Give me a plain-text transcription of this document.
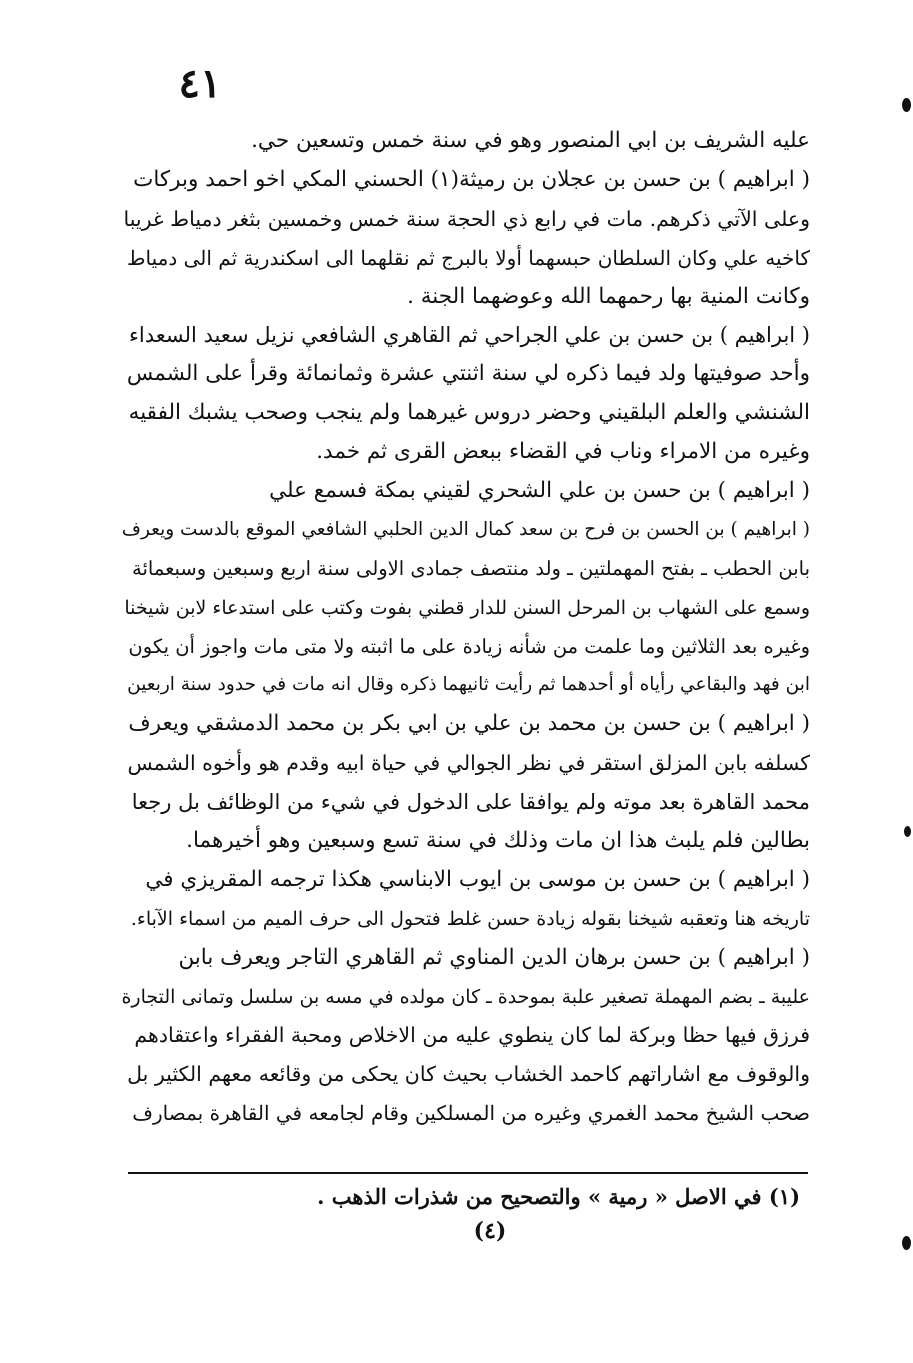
٤١
عليه الشريف بن ابي المنصور وهو في سنة خمس وتسعين حي.
( ابراهيم ) بن حسن بن عجلان بن رميثة(١) الحسني المكي اخو احمد وبركات
وعلى الآتي ذكرهم. مات في رابع ذي الحجة سنة خمس وخمسين بثغر دمياط غريبا
كاخيه علي وكان السلطان حبسهما أولا بالبرج ثم نقلهما الى اسكندرية ثم الى دمياط
وكانت المنية بها رحمهما الله وعوضهما الجنة .
( ابراهيم ) بن حسن بن علي الجراحي ثم القاهري الشافعي نزيل سعيد السعداء
وأحد صوفيتها ولد فيما ذكره لي سنة اثنتي عشرة وثمانمائة وقرأ على الشمس
الشنشي والعلم البلقيني وحضر دروس غيرهما ولم ينجب وصحب يشبك الفقيه
وغيره من الامراء وناب في القضاء ببعض القرى ثم خمد.
( ابراهيم ) بن حسن بن علي الشحري لقيني بمكة فسمع علي
( ابراهيم ) بن الحسن بن فرح بن سعد كمال الدين الحلبي الشافعي الموقع بالدست ويعرف
بابن الحطب ـ بفتح المهملتين ـ ولد منتصف جمادى الاولى سنة اربع وسبعين وسبعمائة
وسمع على الشهاب بن المرحل السنن للدار قطني بفوت وكتب على استدعاء لابن شيخنا
وغيره بعد الثلاثين وما علمت من شأنه زيادة على ما اثبته ولا متى مات واجوز أن يكون
ابن فهد والبقاعي رأياه أو أحدهما ثم رأيت ثانيهما ذكره وقال انه مات في حدود سنة اربعين
( ابراهيم ) بن حسن بن محمد بن علي بن ابي بكر بن محمد الدمشقي ويعرف
كسلفه بابن المزلق استقر في نظر الجوالي في حياة ابيه وقدم هو وأخوه الشمس
محمد القاهرة بعد موته ولم يوافقا على الدخول في شيء من الوظائف بل رجعا
بطالين فلم يلبث هذا ان مات وذلك في سنة تسع وسبعين وهو أخيرهما.
( ابراهيم ) بن حسن بن موسى بن ايوب الابناسي هكذا ترجمه المقريزي في
تاريخه هنا وتعقبه شيخنا بقوله زيادة حسن غلط فتحول الى حرف الميم من اسماء الآباء.
( ابراهيم ) بن حسن برهان الدين المناوي ثم القاهري التاجر ويعرف بابن
عليبة ـ بضم المهملة تصغير علبة بموحدة ـ كان مولده في مسه بن سلسل وتمانى التجارة
فرزق فيها حظا وبركة لما كان ينطوي عليه من الاخلاص ومحبة الفقراء واعتقادهم
والوقوف مع اشاراتهم كاحمد الخشاب بحيث كان يحكى من وقائعه معهم الكثير بل
صحب الشيخ محمد الغمري وغيره من المسلكين وقام لجامعه في القاهرة بمصارف
(١) في الاصل « رمية » والتصحيح من شذرات الذهب .
(٤)
